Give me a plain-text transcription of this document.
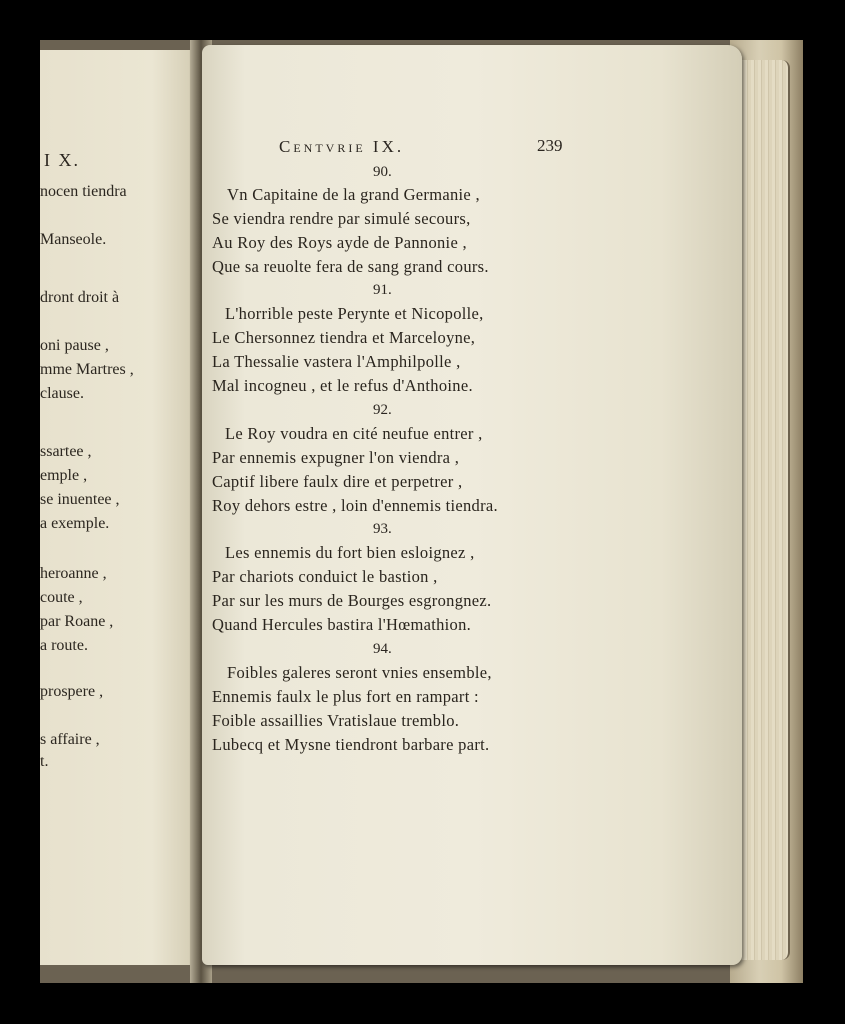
I X.
nocen tiendra
Manseole.
dront droit à
oni pause ,
mme Martres ,
clause.
ssartee ,
emple ,
se inuentee ,
a exemple.
heroanne ,
coute ,
par Roane ,
a route.
prospere ,
s affaire ,
t.
Centvrie IX.	239
90.
Vn Capitaine de la grand Germanie ,
Se viendra rendre par simulé secours,
Au Roy des Roys ayde de Pannonie ,
Que sa reuolte fera de sang grand cours.
91.
L'horrible peste Perynte et Nicopolle,
Le Chersonnez tiendra et Marceloyne,
La Thessalie vastera l'Amphilpolle ,
Mal incogneu , et le refus d'Anthoine.
92.
Le Roy voudra en cité neufue entrer ,
Par ennemis expugner l'on viendra ,
Captif libere faulx dire et perpetrer ,
Roy dehors estre , loin d'ennemis tiendra.
93.
Les ennemis du fort bien esloignez ,
Par chariots conduict le bastion ,
Par sur les murs de Bourges esgrongnez.
Quand Hercules bastira l'Hœmathion.
94.
Foibles galeres seront vnies ensemble,
Ennemis faulx le plus fort en rampart :
Foible assaillies Vratislaue tremblo.
Lubecq et Mysne tiendront barbare part.
